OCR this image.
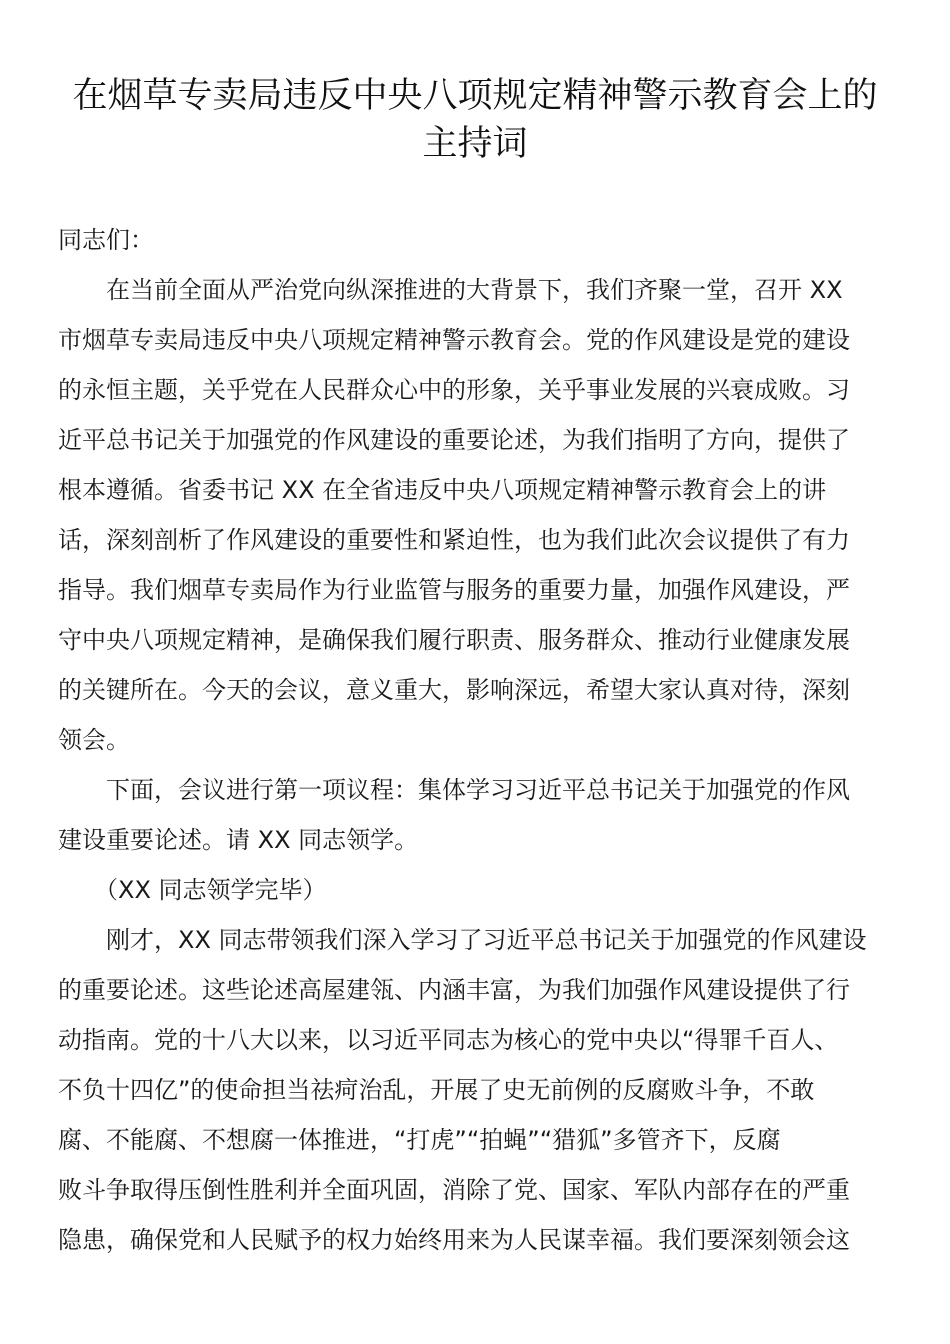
在烟草专卖局违反中央八项规定精神警示教育会上的
主持词
同志们：
　　在当前全面从严治党向纵深推进的大背景下，我们齐聚一堂，召开 XX
市烟草专卖局违反中央八项规定精神警示教育会。党的作风建设是党的建设
的永恒主题，关乎党在人民群众心中的形象，关乎事业发展的兴衰成败。习
近平总书记关于加强党的作风建设的重要论述，为我们指明了方向，提供了
根本遵循。省委书记 XX 在全省违反中央八项规定精神警示教育会上的讲
话，深刻剖析了作风建设的重要性和紧迫性，也为我们此次会议提供了有力
指导。我们烟草专卖局作为行业监管与服务的重要力量，加强作风建设，严
守中央八项规定精神，是确保我们履行职责、服务群众、推动行业健康发展
的关键所在。今天的会议，意义重大，影响深远，希望大家认真对待，深刻
领会。
　　下面，会议进行第一项议程：集体学习习近平总书记关于加强党的作风
建设重要论述。请 XX 同志领学。
　　（XX 同志领学完毕）
　　刚才，XX 同志带领我们深入学习了习近平总书记关于加强党的作风建设
的重要论述。这些论述高屋建瓴、内涵丰富，为我们加强作风建设提供了行
动指南。党的十八大以来，以习近平同志为核心的党中央以“得罪千百人、
不负十四亿”的使命担当祛疴治乱，开展了史无前例的反腐败斗争，不敢
腐、不能腐、不想腐一体推进，“打虎”“拍蝇”“猎狐”多管齐下，反腐
败斗争取得压倒性胜利并全面巩固，消除了党、国家、军队内部存在的严重
隐患，确保党和人民赋予的权力始终用来为人民谋幸福。我们要深刻领会这
